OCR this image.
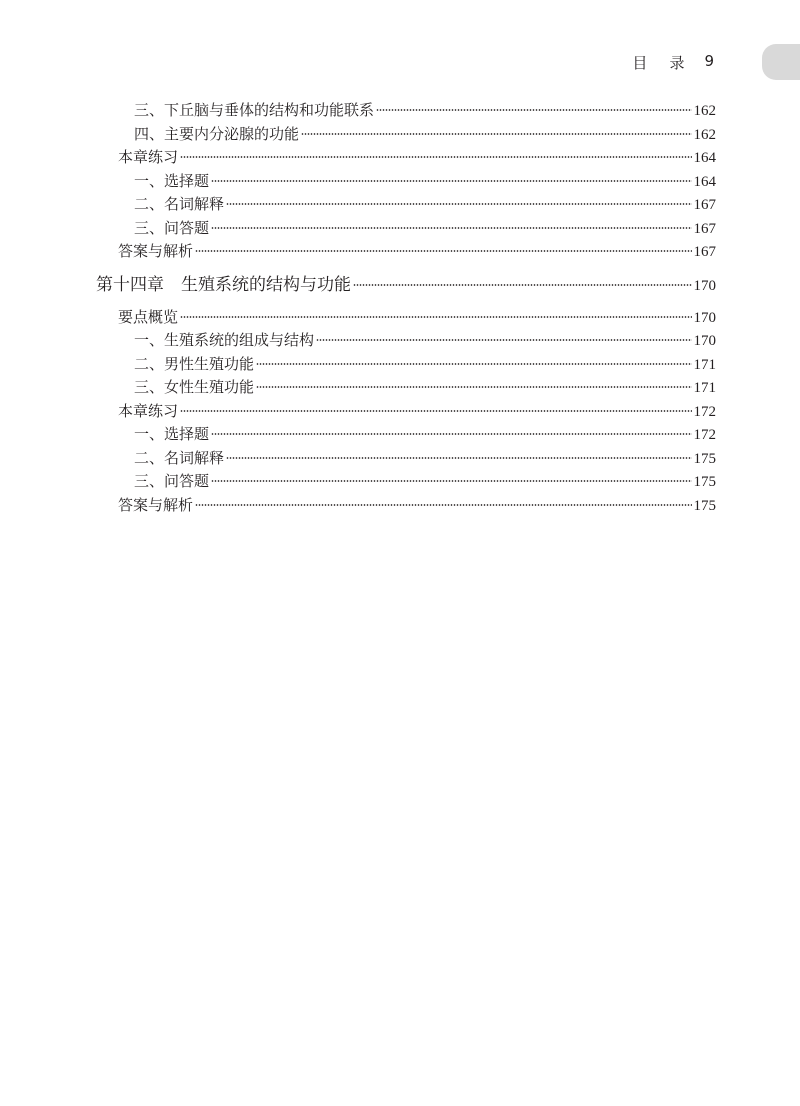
目 录 9
三、下丘脑与垂体的结构和功能联系	162
四、主要内分泌腺的功能	162
本章练习	164
一、选择题	164
二、名词解释	167
三、问答题	167
答案与解析	167
第十四章　生殖系统的结构与功能	170
要点概览	170
一、生殖系统的组成与结构	170
二、男性生殖功能	171
三、女性生殖功能	171
本章练习	172
一、选择题	172
二、名词解释	175
三、问答题	175
答案与解析	175
